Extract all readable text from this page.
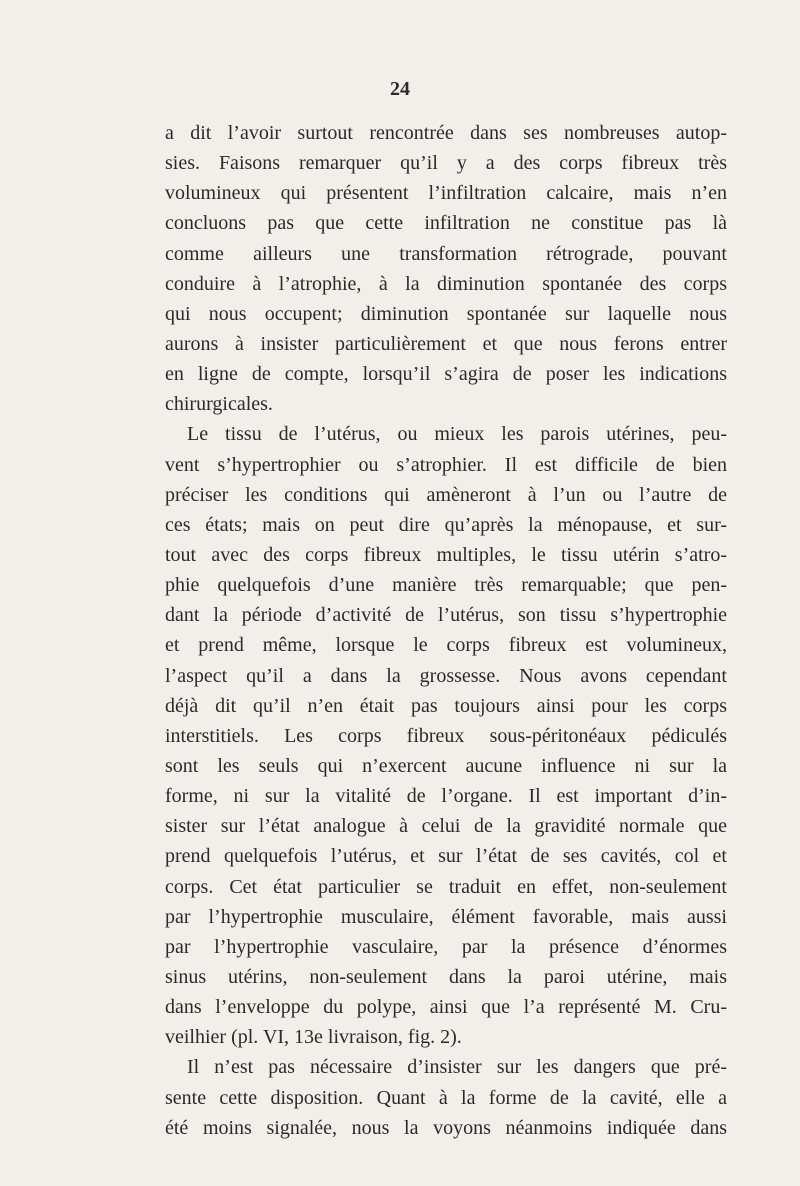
24
a dit l’avoir surtout rencontrée dans ses nombreuses autop-
sies. Faisons remarquer qu’il y a des corps fibreux très
volumineux qui présentent l’infiltration calcaire, mais n’en
concluons pas que cette infiltration ne constitue pas là
comme ailleurs une transformation rétrograde, pouvant
conduire à l’atrophie, à la diminution spontanée des corps
qui nous occupent; diminution spontanée sur laquelle nous
aurons à insister particulièrement et que nous ferons entrer
en ligne de compte, lorsqu’il s’agira de poser les indications
chirurgicales.
Le tissu de l’utérus, ou mieux les parois utérines, peu-
vent s’hypertrophier ou s’atrophier. Il est difficile de bien
préciser les conditions qui amèneront à l’un ou l’autre de
ces états; mais on peut dire qu’après la ménopause, et sur-
tout avec des corps fibreux multiples, le tissu utérin s’atro-
phie quelquefois d’une manière très remarquable; que pen-
dant la période d’activité de l’utérus, son tissu s’hypertrophie
et prend même, lorsque le corps fibreux est volumineux,
l’aspect qu’il a dans la grossesse. Nous avons cependant
déjà dit qu’il n’en était pas toujours ainsi pour les corps
interstitiels. Les corps fibreux sous-péritonéaux pédiculés
sont les seuls qui n’exercent aucune influence ni sur la
forme, ni sur la vitalité de l’organe. Il est important d’in-
sister sur l’état analogue à celui de la gravidité normale que
prend quelquefois l’utérus, et sur l’état de ses cavités, col et
corps. Cet état particulier se traduit en effet, non-seulement
par l’hypertrophie musculaire, élément favorable, mais aussi
par l’hypertrophie vasculaire, par la présence d’énormes
sinus utérins, non-seulement dans la paroi utérine, mais
dans l’enveloppe du polype, ainsi que l’a représenté M. Cru-
veilhier (pl. VI, 13e livraison, fig. 2).
Il n’est pas nécessaire d’insister sur les dangers que pré-
sente cette disposition. Quant à la forme de la cavité, elle a
été moins signalée, nous la voyons néanmoins indiquée dans
